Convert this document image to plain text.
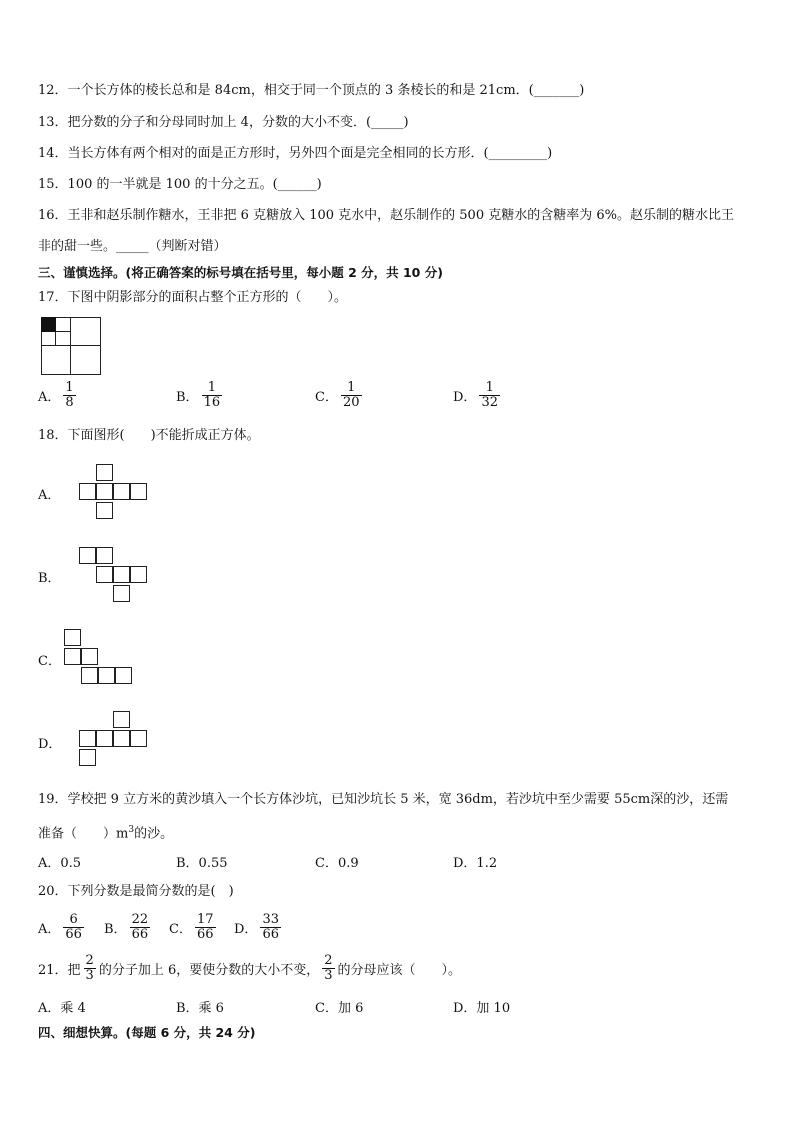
12．一个长方体的棱长总和是 84cm，相交于同一个顶点的 3 条棱长的和是 21cm．(_______)
13．把分数的分子和分母同时加上 4，分数的大小不变．(_____)
14．当长方体有两个相对的面是正方形时，另外四个面是完全相同的长方形．(_________)
15．100 的一半就是 100 的十分之五。(______)
16．王非和赵乐制作糖水，王非把 6 克糖放入 100 克水中，赵乐制作的 500 克糖水的含糖率为 6%。赵乐制的糖水比王
非的甜一些。_____（判断对错）
三、谨慎选择。(将正确答案的标号填在括号里，每小题 2 分，共 10 分)
17．下图中阴影部分的面积占整个正方形的（　　）。
A． $\frac{1}{8}$	B． $\frac{1}{16}$	C． $\frac{1}{20}$	D． $\frac{1}{32}$
18．下面图形(　　)不能折成正方体。
A．
B．
C．
D．
19．学校把 9 立方米的黄沙填入一个长方体沙坑，已知沙坑长 5 米，宽 36dm，若沙坑中至少需要 55cm深的沙，还需
准备（　　）$m^3$的沙。
A．0.5	B．0.55	C．0.9	D．1.2
20．下列分数是最简分数的是(　)
A． $\frac{6}{66}$ B． $\frac{22}{66}$ C． $\frac{17}{66}$ D． $\frac{33}{66}$
21．把 $\frac{2}{3}$ 的分子加上 6，要使分数的大小不变， $\frac{2}{3}$ 的分母应该（　　）。
A．乘 4	B．乘 6	C．加 6	D．加 10
四、细想快算。(每题 6 分，共 24 分)
